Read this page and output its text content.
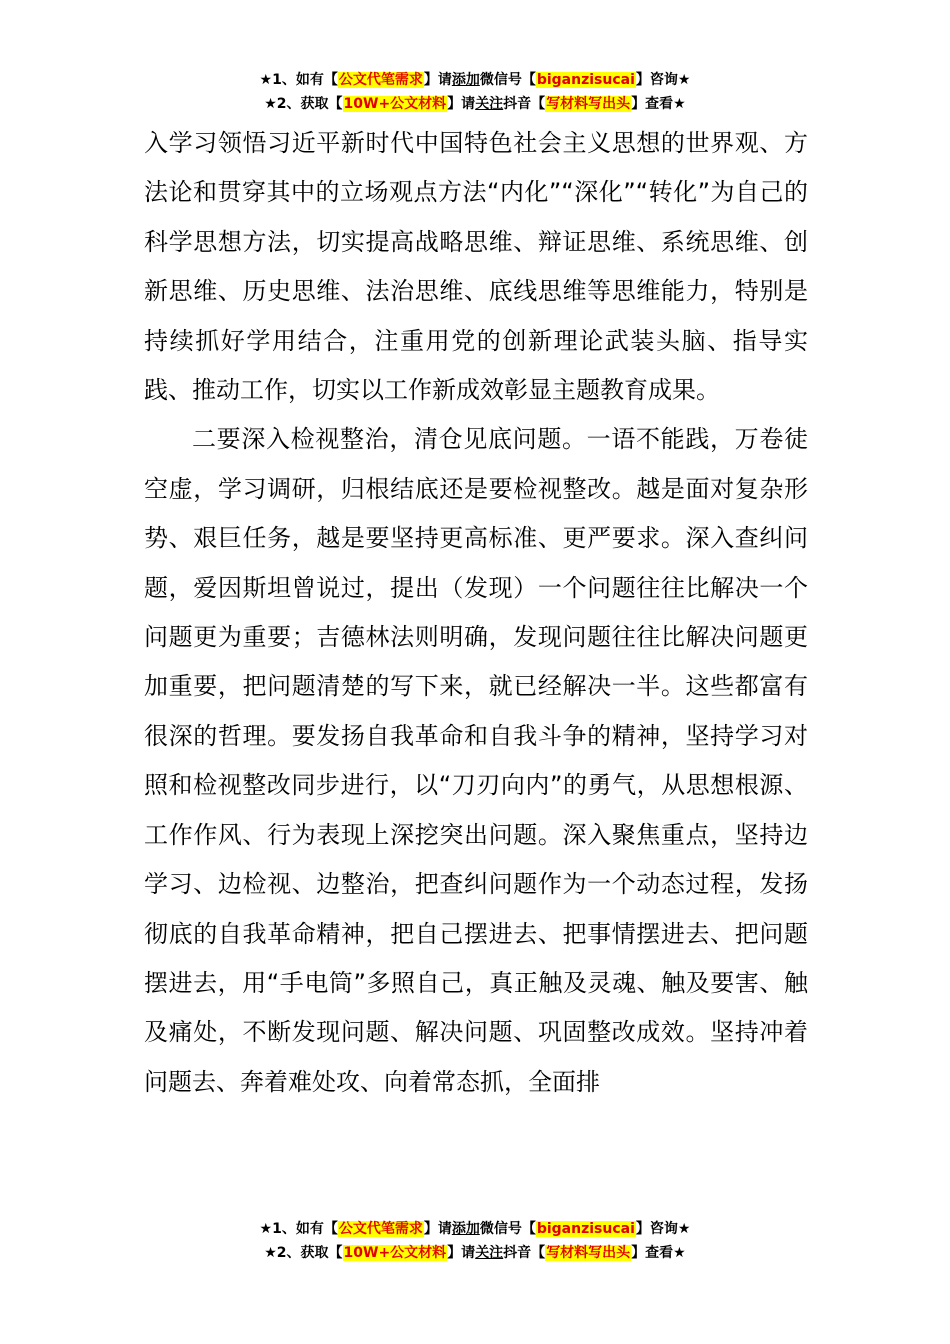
★1、如有【公文代笔需求】请添加微信号【biganzisucai】咨询★
★2、获取【10W+公文材料】请关注抖音【写材料写出头】查看★

入学习领悟习近平新时代中国特色社会主义思想的世界观、方法论和贯穿其中的立场观点方法“内化”“深化”“转化”为自己的科学思想方法，切实提高战略思维、辩证思维、系统思维、创新思维、历史思维、法治思维、底线思维等思维能力，特别是持续抓好学用结合，注重用党的创新理论武装头脑、指导实践、推动工作，切实以工作新成效彰显主题教育成果。

二要深入检视整治，清仓见底问题。一语不能践，万卷徒空虚，学习调研，归根结底还是要检视整改。越是面对复杂形势、艰巨任务，越是要坚持更高标准、更严要求。深入查纠问题，爱因斯坦曾说过，提出（发现）一个问题往往比解决一个问题更为重要；吉德林法则明确，发现问题往往比解决问题更加重要，把问题清楚的写下来，就已经解决一半。这些都富有很深的哲理。要发扬自我革命和自我斗争的精神，坚持学习对照和检视整改同步进行，以“刀刃向内”的勇气，从思想根源、工作作风、行为表现上深挖突出问题。深入聚焦重点，坚持边学习、边检视、边整治，把查纠问题作为一个动态过程，发扬彻底的自我革命精神，把自己摆进去、把事情摆进去、把问题摆进去，用“手电筒”多照自己，真正触及灵魂、触及要害、触及痛处，不断发现问题、解决问题、巩固整改成效。坚持冲着问题去、奔着难处攻、向着常态抓，全面排

★1、如有【公文代笔需求】请添加微信号【biganzisucai】咨询★
★2、获取【10W+公文材料】请关注抖音【写材料写出头】查看★
